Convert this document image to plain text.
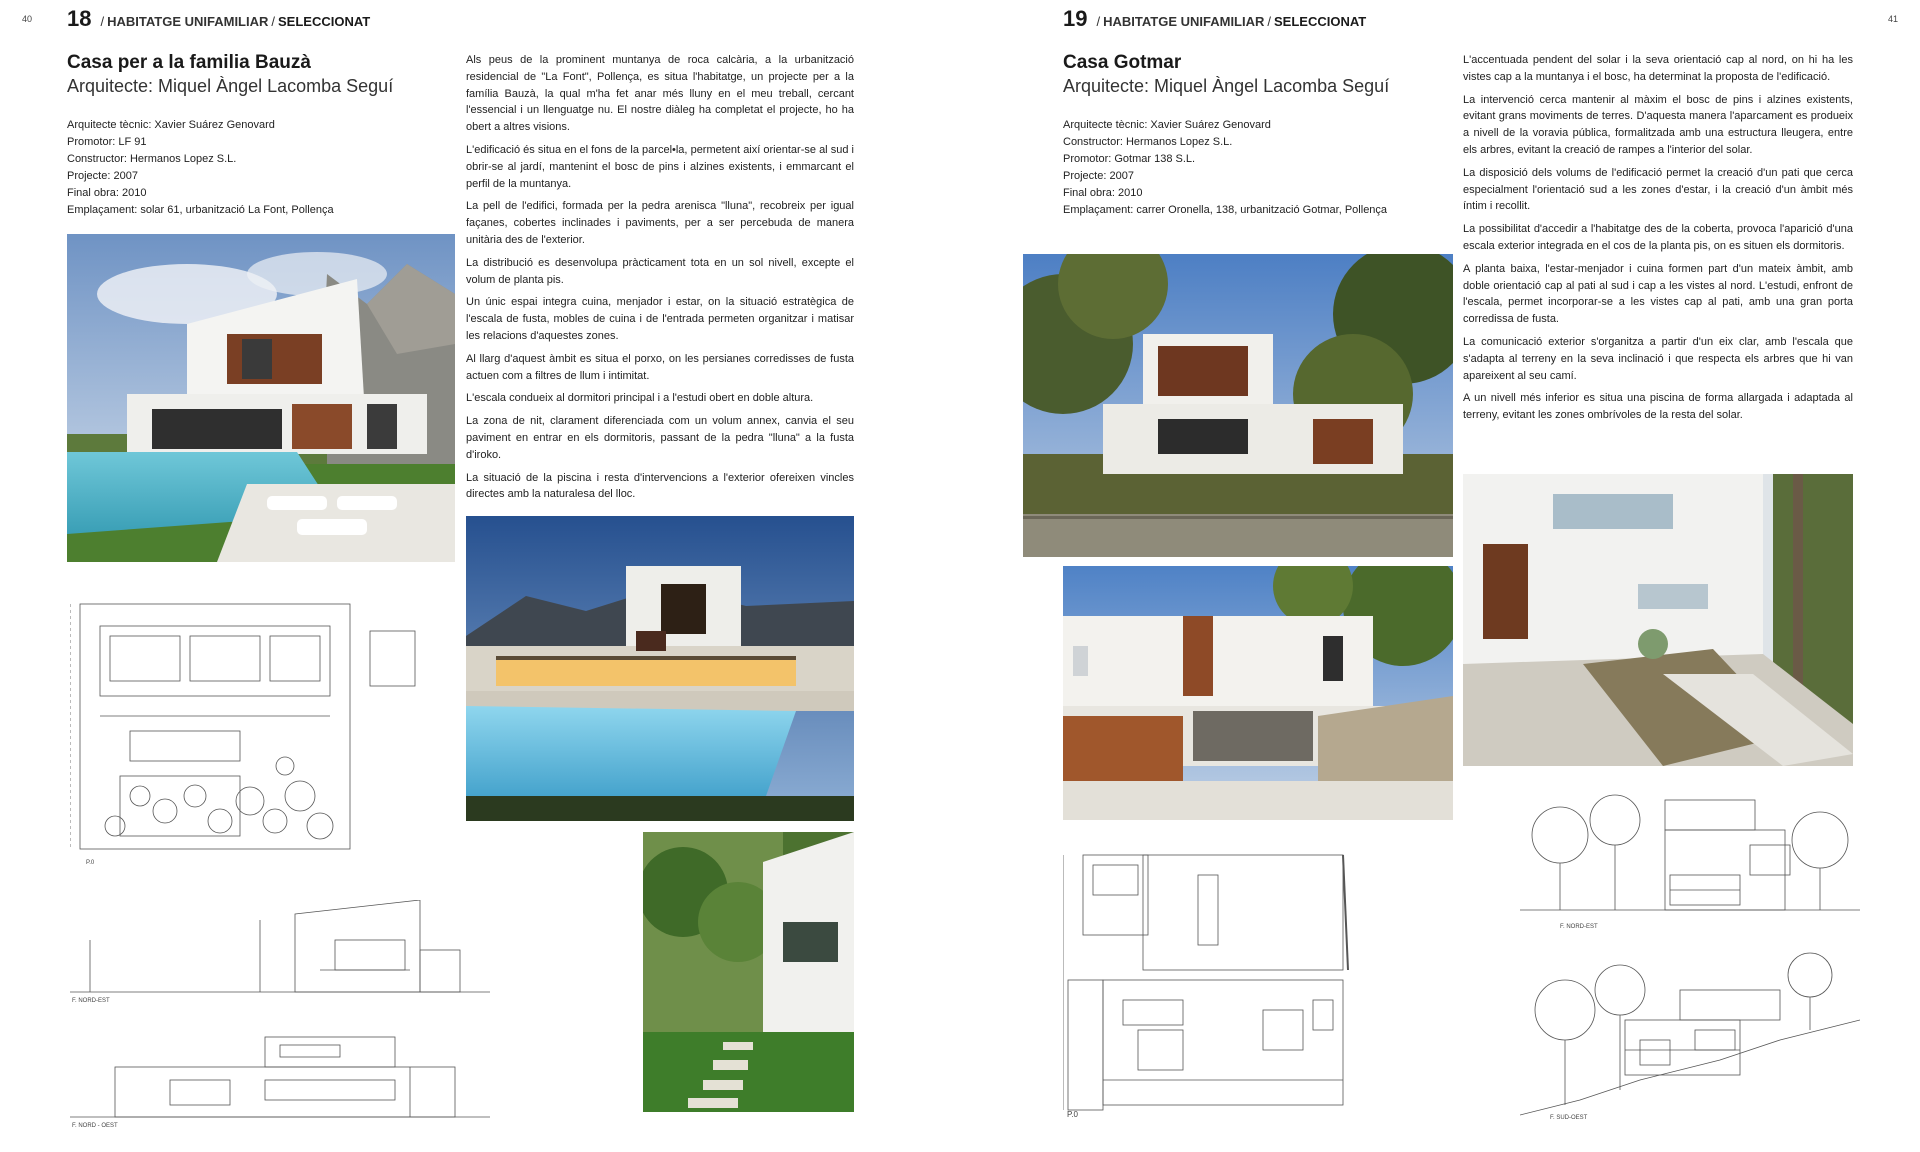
40 18 / HABITATGE UNIFAMILIAR / SELECCIONAT
Casa per a la familia Bauzà
Arquitecte: Miquel Àngel Lacomba Seguí
Arquitecte tècnic: Xavier Suárez Genovard
Promotor: LF 91
Constructor: Hermanos Lopez S.L.
Projecte: 2007
Final obra: 2010
Emplaçament: solar 61, urbanització La Font, Pollença

Als peus de la prominent muntanya de roca calcària, a la urbanització residencial de "La Font", Pollença, es situa l'habitatge, un projecte per a la família Bauzà, la qual m'ha fet anar més lluny en el meu treball, cercant l'essencial i un llenguatge nu. El nostre diàleg ha completat el projecte, ho ha obert a altres visions.

L'edificació és situa en el fons de la parcel•la, permetent així orientar-se al sud i obrir-se al jardí, mantenint el bosc de pins i alzines existents, i emmarcant el perfil de la muntanya.

La pell de l'edifici, formada per la pedra arenisca "lluna", recobreix per igual façanes, cobertes inclinades i paviments, per a ser percebuda de manera unitària des de l'exterior.

La distribució es desenvolupa pràcticament tota en un sol nivell, excepte el volum de planta pis.

Un únic espai integra cuina, menjador i estar, on la situació estratègica de l'escala de fusta, mobles de cuina i de l'entrada permeten organitzar i matisar les relacions d'aquestes zones.

Al llarg d'aquest àmbit es situa el porxo, on les persianes corredisses de fusta actuen com a filtres de llum i intimitat.

L'escala condueix al dormitori principal i a l'estudi obert en doble altura.

La zona de nit, clarament diferenciada com un volum annex, canvia el seu paviment en entrar en els dormitoris, passant de la pedra "lluna" a la fusta d'iroko.

La situació de la piscina i resta d'intervencions a l'exterior ofereixen vincles directes amb la naturalesa del lloc.

P.0
F. NORD-EST
F. NORD - OEST
41
19 / HABITATGE UNIFAMILIAR / SELECCIONAT
Casa Gotmar
Arquitecte: Miquel Àngel Lacomba Seguí
Arquitecte tècnic: Xavier Suárez Genovard
Constructor: Hermanos Lopez S.L.
Promotor: Gotmar 138 S.L.
Projecte: 2007
Final obra: 2010
Emplaçament: carrer Oronella, 138, urbanització Gotmar, Pollença

L'accentuada pendent del solar i la seva orientació cap al nord, on hi ha les vistes cap a la muntanya i el bosc, ha determinat la proposta de l'edificació.

La intervenció cerca mantenir al màxim el bosc de pins i alzines existents, evitant grans moviments de terres. D'aquesta manera l'aparcament es produeix a nivell de la voravia pública, formalitzada amb una estructura lleugera, entre els arbres, evitant la creació de rampes a l'interior del solar.

La disposició dels volums de l'edificació permet la creació d'un pati que cerca especialment l'orientació sud a les zones d'estar, i la creació d'un àmbit més íntim i recollit.

La possibilitat d'accedir a l'habitatge des de la coberta, provoca l'aparició d'una escala exterior integrada en el cos de la planta pis, on es situen els dormitoris.

A planta baixa, l'estar-menjador i cuina formen part d'un mateix àmbit, amb doble orientació cap al pati al sud i cap a les vistes al nord. L'estudi, enfront de l'escala, permet incorporar-se a les vistes cap al pati, amb una gran porta corredissa de fusta.

La comunicació exterior s'organitza a partir d'un eix clar, amb l'escala que s'adapta al terreny en la seva inclinació i que respecta els arbres que hi van apareixent al seu camí.

A un nivell més inferior es situa una piscina de forma allargada i adaptada al terreny, evitant les zones ombrívoles de la resta del solar.

P.0
F. NORD-EST
F. SUD-OEST
